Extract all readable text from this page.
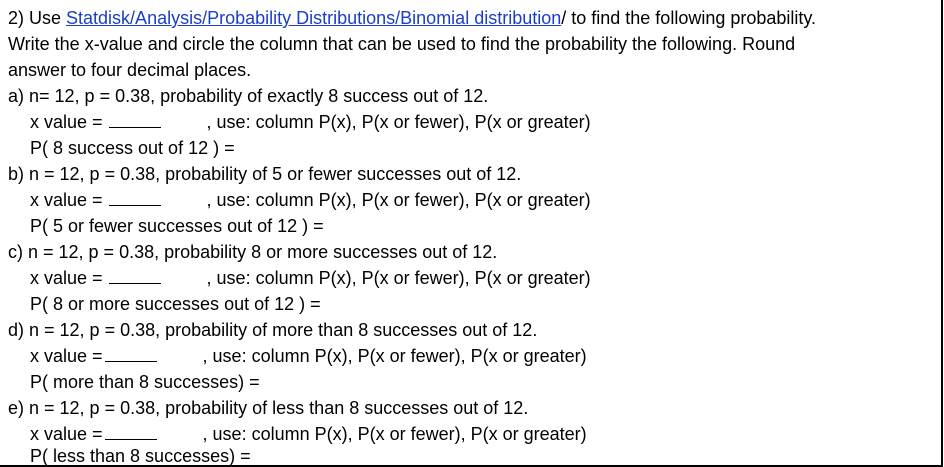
2) Use Statdisk/Analysis/Probability Distributions/Binomial distribution/ to find the following probability.
Write the x-value and circle the column that can be used to find the probability the following. Round
answer to four decimal places.
a) n= 12, p = 0.38, probability of exactly 8 success out of 12.
x value =	, use: column P(x), P(x or fewer), P(x or greater)
P( 8 success out of 12 ) =
b) n = 12, p = 0.38, probability of 5 or fewer successes out of 12.
x value =	, use: column P(x), P(x or fewer), P(x or greater)
P( 5 or fewer successes out of 12 ) =
c) n = 12, p = 0.38, probability 8 or more successes out of 12.
x value =	, use: column P(x), P(x or fewer), P(x or greater)
P( 8 or more successes out of 12 ) =
d) n = 12, p = 0.38, probability of more than 8 successes out of 12.
x value =	, use: column P(x), P(x or fewer), P(x or greater)
P( more than 8 successes) =
e) n = 12, p = 0.38, probability of less than 8 successes out of 12.
x value =	, use: column P(x), P(x or fewer), P(x or greater)
P( less than 8 successes) =
